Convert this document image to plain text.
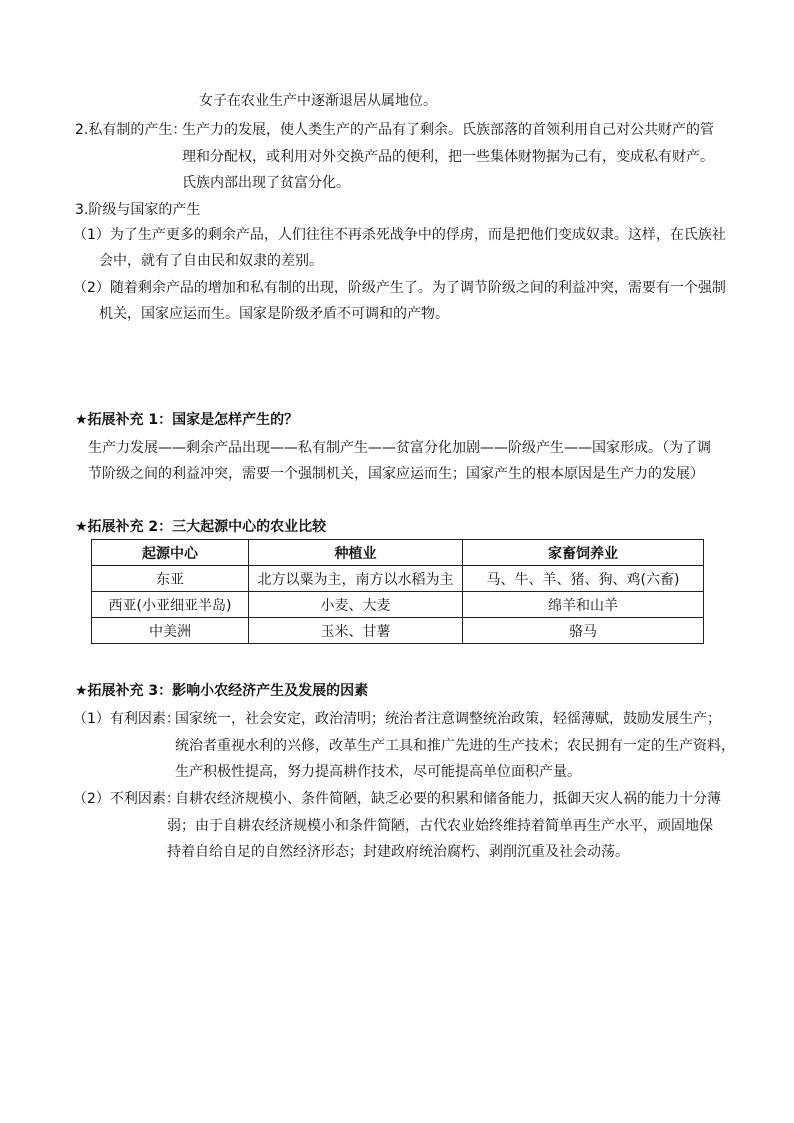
女子在农业生产中逐渐退居从属地位。
2.私有制的产生：
生产力的发展，使人类生产的产品有了剩余。氏族部落的首领利用自己对公共财产的管
理和分配权，或利用对外交换产品的便利，把一些集体财物据为己有，变成私有财产。
氏族内部出现了贫富分化。
3.阶级与国家的产生
（1）为了生产更多的剩余产品，人们往往不再杀死战争中的俘虏，而是把他们变成奴隶。这样，在氏族社
会中，就有了自由民和奴隶的差别。
（2）随着剩余产品的增加和私有制的出现，阶级产生了。为了调节阶级之间的利益冲突，需要有一个强制
机关，国家应运而生。国家是阶级矛盾不可调和的产物。
★拓展补充 1：国家是怎样产生的？
生产力发展——剩余产品出现——私有制产生——贫富分化加剧——阶级产生——国家形成。（为了调
节阶级之间的利益冲突，需要一个强制机关，国家应运而生；国家产生的根本原因是生产力的发展）
★拓展补充 2：三大起源中心的农业比较
起源中心	种植业	家畜饲养业
东亚	北方以粟为主，南方以水稻为主	马、牛、羊、猪、狗、鸡(六畜)
西亚(小亚细亚半岛)	小麦、大麦	绵羊和山羊
中美洲	玉米、甘薯	骆马
★拓展补充 3：影响小农经济产生及发展的因素
（1）有利因素：
国家统一，社会安定，政治清明；统治者注意调整统治政策，轻徭薄赋，鼓励发展生产；
统治者重视水利的兴修，改革生产工具和推广先进的生产技术；农民拥有一定的生产资料，
生产积极性提高，努力提高耕作技术，尽可能提高单位面积产量。
（2）不利因素：
自耕农经济规模小、条件简陋，缺乏必要的积累和储备能力，抵御天灾人祸的能力十分薄
弱；由于自耕农经济规模小和条件简陋，古代农业始终维持着简单再生产水平，顽固地保
持着自给自足的自然经济形态；封建政府统治腐朽、剥削沉重及社会动荡。
